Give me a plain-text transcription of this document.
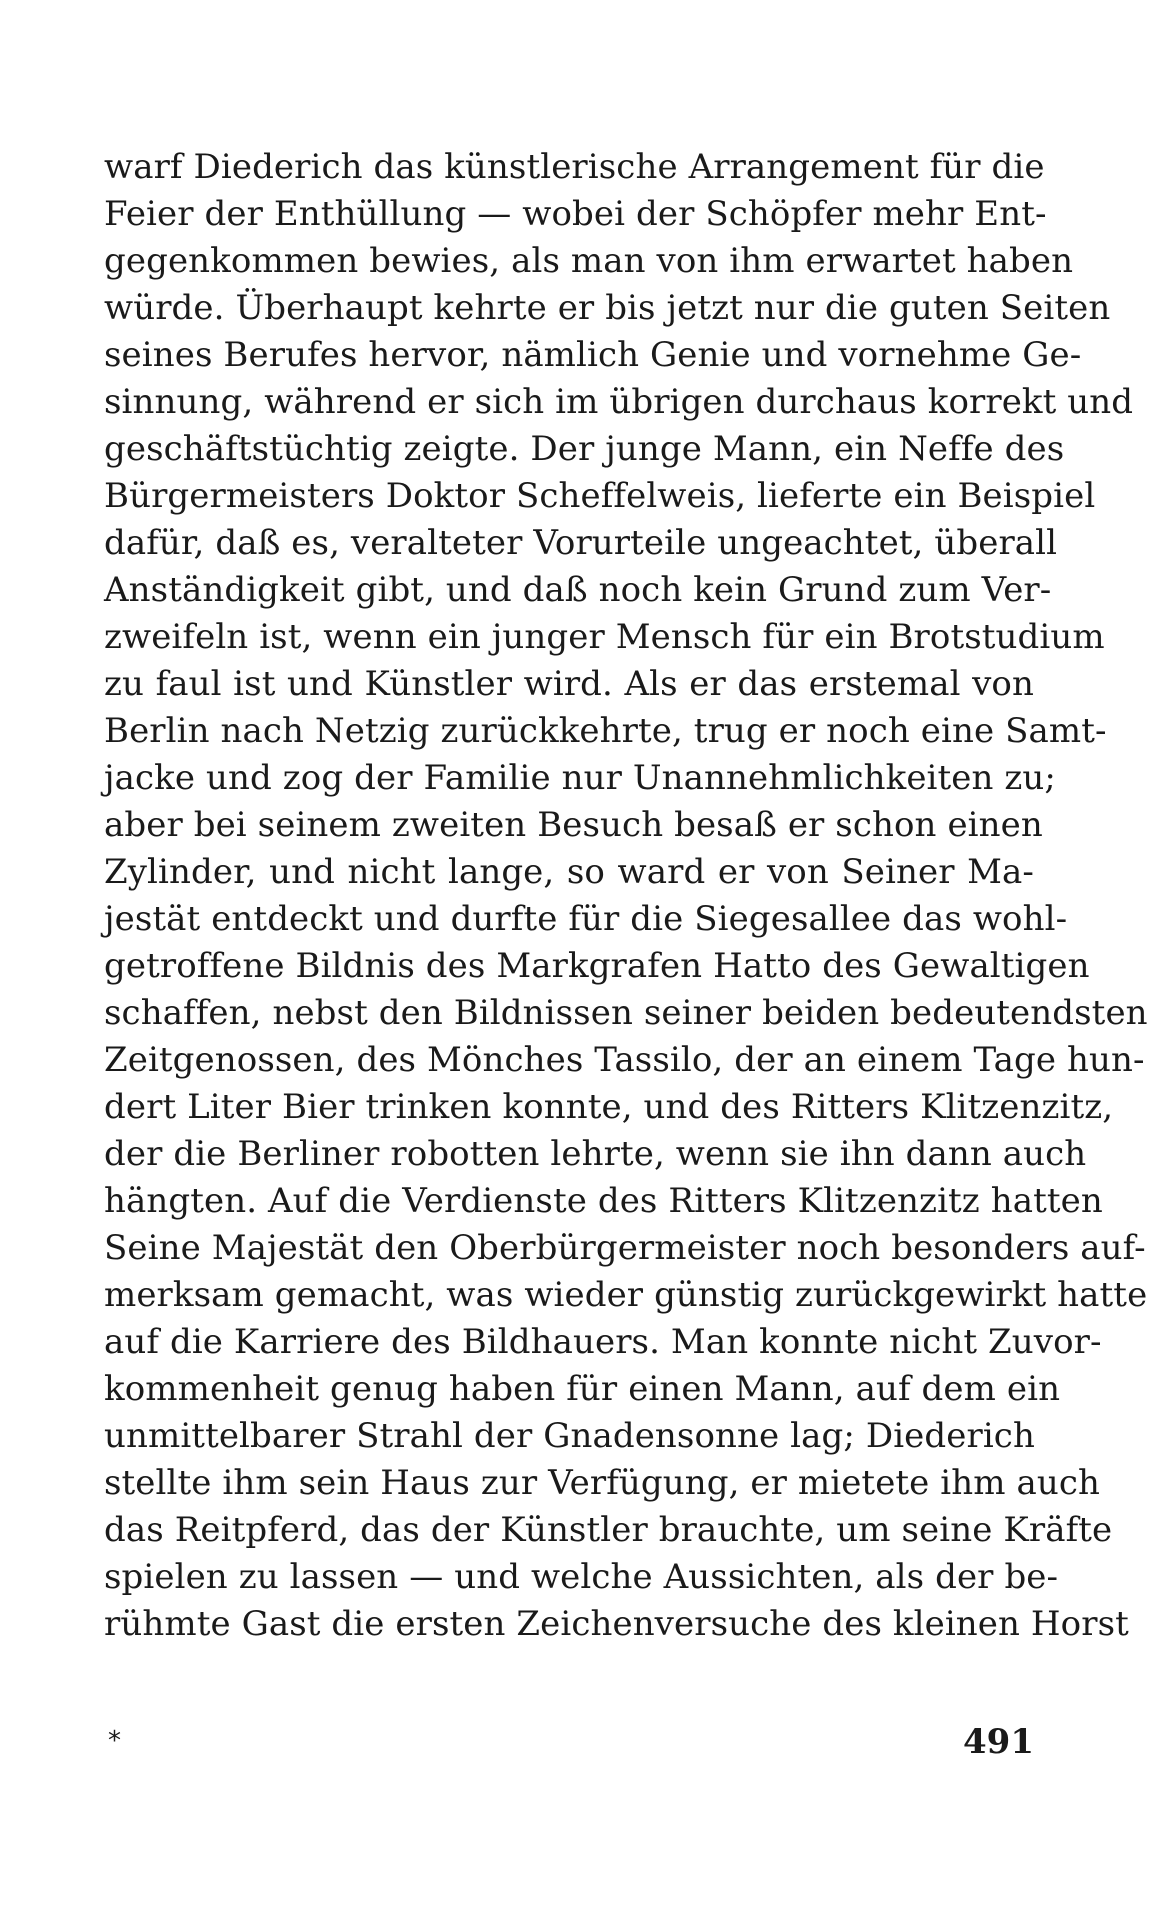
warf Diederich das künstlerische Arrangement für die
Feier der Enthüllung — wobei der Schöpfer mehr Ent-
gegenkommen bewies, als man von ihm erwartet haben
würde. Überhaupt kehrte er bis jetzt nur die guten Seiten
seines Berufes hervor, nämlich Genie und vornehme Ge-
sinnung, während er sich im übrigen durchaus korrekt und
geschäftstüchtig zeigte. Der junge Mann, ein Neffe des
Bürgermeisters Doktor Scheffelweis, lieferte ein Beispiel
dafür, daß es, veralteter Vorurteile ungeachtet, überall
Anständigkeit gibt, und daß noch kein Grund zum Ver-
zweifeln ist, wenn ein junger Mensch für ein Brotstudium
zu faul ist und Künstler wird. Als er das erstemal von
Berlin nach Netzig zurückkehrte, trug er noch eine Samt-
jacke und zog der Familie nur Unannehmlichkeiten zu;
aber bei seinem zweiten Besuch besaß er schon einen
Zylinder, und nicht lange, so ward er von Seiner Ma-
jestät entdeckt und durfte für die Siegesallee das wohl-
getroffene Bildnis des Markgrafen Hatto des Gewaltigen
schaffen, nebst den Bildnissen seiner beiden bedeutendsten
Zeitgenossen, des Mönches Tassilo, der an einem Tage hun-
dert Liter Bier trinken konnte, und des Ritters Klitzenzitz,
der die Berliner robotten lehrte, wenn sie ihn dann auch
hängten. Auf die Verdienste des Ritters Klitzenzitz hatten
Seine Majestät den Oberbürgermeister noch besonders auf-
merksam gemacht, was wieder günstig zurückgewirkt hatte
auf die Karriere des Bildhauers. Man konnte nicht Zuvor-
kommenheit genug haben für einen Mann, auf dem ein
unmittelbarer Strahl der Gnadensonne lag; Diederich
stellte ihm sein Haus zur Verfügung, er mietete ihm auch
das Reitpferd, das der Künstler brauchte, um seine Kräfte
spielen zu lassen — und welche Aussichten, als der be-
rühmte Gast die ersten Zeichenversuche des kleinen Horst
*	491
